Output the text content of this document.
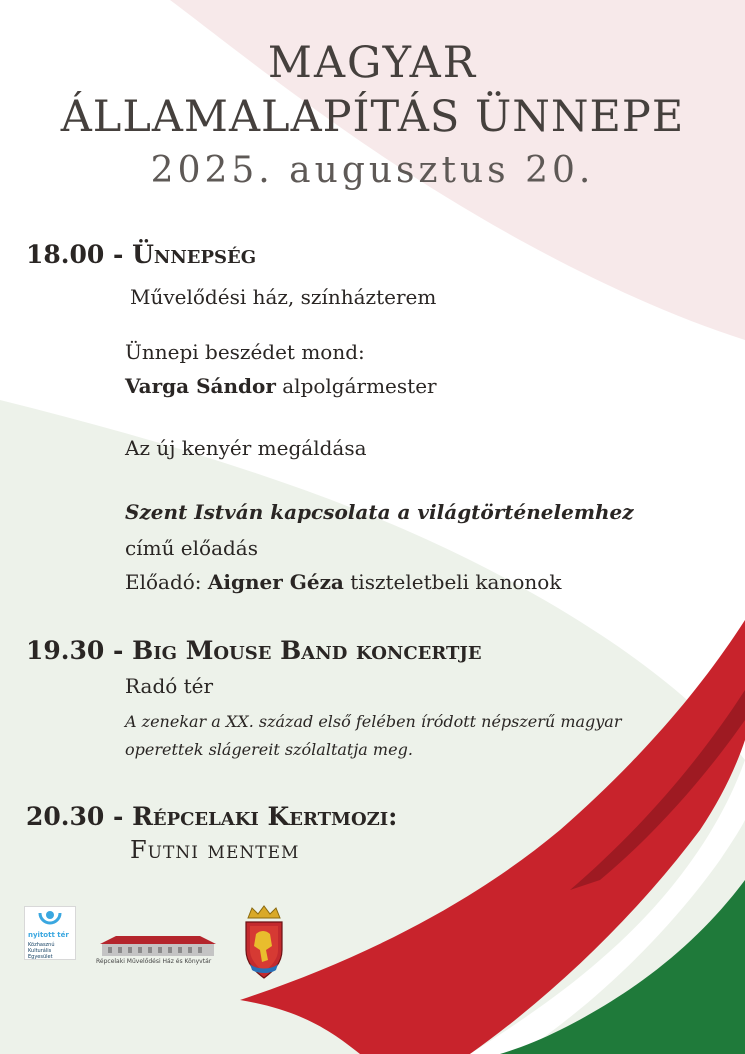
MAGYAR
ÁLLAMALAPÍTÁS ÜNNEPE
2025. augusztus 20.
18.00 - Ünnepség
Művelődési ház, színházterem
Ünnepi beszédet mond:
Varga Sándor alpolgármester
Az új kenyér megáldása
Szent István kapcsolata a világtörténelemhez
című előadás
Előadó: Aigner Géza tiszteletbeli kanonok
19.30 - Big Mouse Band koncertje
Radó tér
A zenekar a XX. század első felében íródott népszerű magyar
operettek slágereit szólaltatja meg.
20.30 - Répcelaki Kertmozi:
Futni mentem
nyitott tér
Közhasznú
Kulturális
Egyesület
Répcelaki Művelődési Ház és Könyvtár
